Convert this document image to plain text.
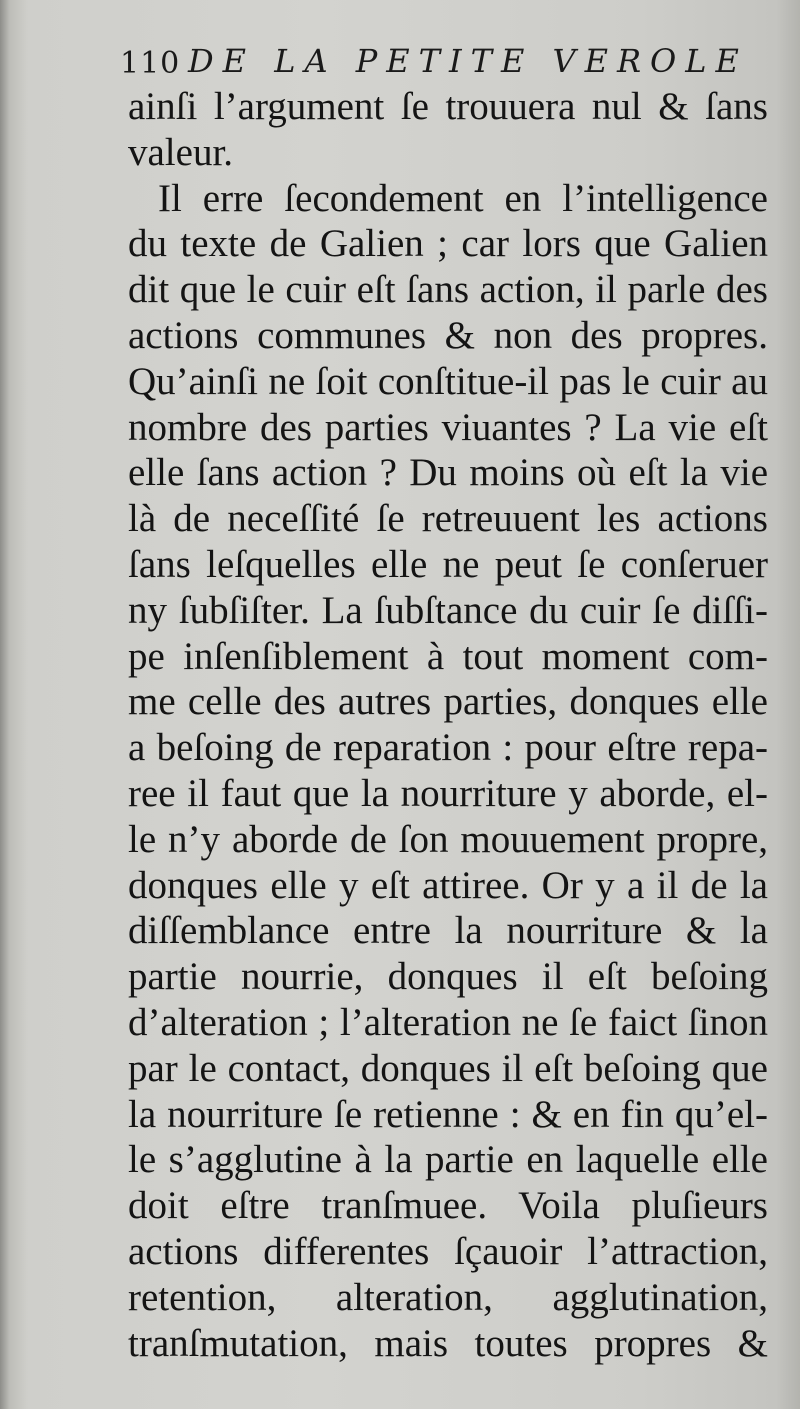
110 DE LA PETITE VEROLE
ainſi l’argument ſe trouuera nul & ſans
valeur.
Il erre ſecondement en l’intelligence
du texte de Galien ; car lors que Galien
dit que le cuir eſt ſans action, il parle des
actions communes & non des propres.
Qu’ainſi ne ſoit conſtitue-il pas le cuir au
nombre des parties viuantes ? La vie eſt
elle ſans action ? Du moins où eſt la vie
là de neceſſité ſe retreuuent les actions
ſans leſquelles elle ne peut ſe conſeruer
ny ſubſiſter. La ſubſtance du cuir ſe diſſi-
pe inſenſiblement à tout moment com-
me celle des autres parties, donques elle
a beſoing de reparation : pour eſtre repa-
ree il faut que la nourriture y aborde, el-
le n’y aborde de ſon mouuement propre,
donques elle y eſt attiree. Or y a il de la
diſſemblance entre la nourriture & la
partie nourrie, donques il eſt beſoing
d’alteration ; l’alteration ne ſe faict ſinon
par le contact, donques il eſt beſoing que
la nourriture ſe retienne : & en fin qu’el-
le s’agglutine à la partie en laquelle elle
doit eſtre tranſmuee. Voila pluſieurs
actions differentes ſçauoir l’attraction,
retention, alteration, agglutination,
tranſmutation, mais toutes propres &
